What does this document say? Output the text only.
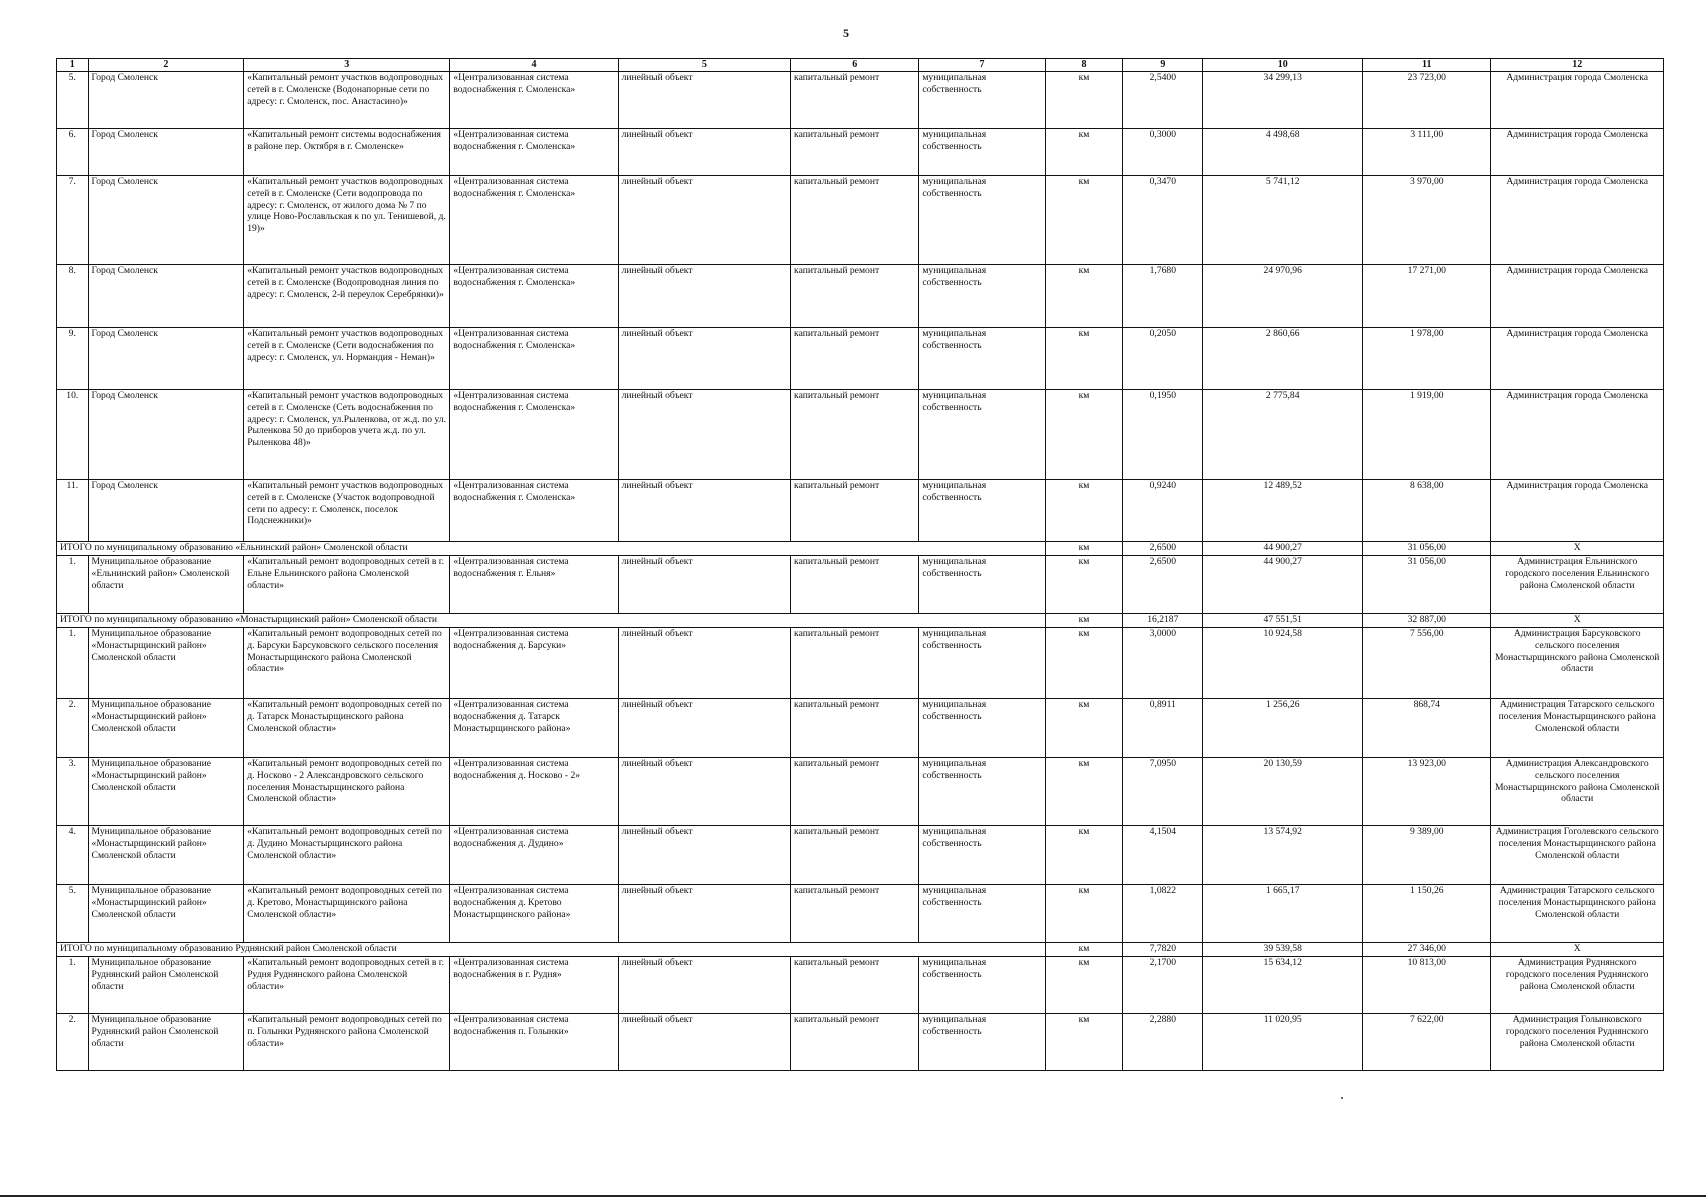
5
1	2	3	4	5	6	7	8	9	10	11	12
5.	Город Смоленск	«Капитальный ремонт участков водопроводных сетей в г. Смоленске (Водонапорные сети по адресу: г. Смоленск, пос. Анастасино)»	«Централизованная система водоснабжения г. Смоленска»	линейный объект	капитальный ремонт	муниципальная собственность	км	2,5400	34 299,13	23 723,00	Администрация города Смоленска
6.	Город Смоленск	«Капитальный ремонт системы водоснабжения в районе пер. Октября в г. Смоленске»	«Централизованная система водоснабжения г. Смоленска»	линейный объект	капитальный ремонт	муниципальная собственность	км	0,3000	4 498,68	3 111,00	Администрация города Смоленска
7.	Город Смоленск	«Капитальный ремонт участков водопроводных сетей в г. Смоленске (Сети водопровода по адресу: г. Смоленск, от жилого дома № 7 по улице Ново-Рославльская к по ул. Тенишевой, д. 19)»	«Централизованная система водоснабжения г. Смоленска»	линейный объект	капитальный ремонт	муниципальная собственность	км	0,3470	5 741,12	3 970,00	Администрация города Смоленска
8.	Город Смоленск	«Капитальный ремонт участков водопроводных сетей в г. Смоленске (Водопроводная линия по адресу: г. Смоленск, 2-й переулок Серебрянки)»	«Централизованная система водоснабжения г. Смоленска»	линейный объект	капитальный ремонт	муниципальная собственность	км	1,7680	24 970,96	17 271,00	Администрация города Смоленска
9.	Город Смоленск	«Капитальный ремонт участков водопроводных сетей в г. Смоленске (Сети водоснабжения по адресу: г. Смоленск, ул. Нормандия - Неман)»	«Централизованная система водоснабжения г. Смоленска»	линейный объект	капитальный ремонт	муниципальная собственность	км	0,2050	2 860,66	1 978,00	Администрация города Смоленска
10.	Город Смоленск	«Капитальный ремонт участков водопроводных сетей в г. Смоленске (Сеть водоснабжения по адресу: г. Смоленск, ул.Рыленкова, от ж.д. по ул. Рыленкова 50 до приборов учета ж.д. по ул. Рыленкова 48)»	«Централизованная система водоснабжения г. Смоленска»	линейный объект	капитальный ремонт	муниципальная собственность	км	0,1950	2 775,84	1 919,00	Администрация города Смоленска
11.	Город Смоленск	«Капитальный ремонт участков водопроводных сетей в г. Смоленске (Участок водопроводной сети по адресу: г. Смоленск, поселок Подснежники)»	«Централизованная система водоснабжения г. Смоленска»	линейный объект	капитальный ремонт	муниципальная собственность	км	0,9240	12 489,52	8 638,00	Администрация города Смоленска
ИТОГО по муниципальному образованию «Ельнинский район» Смоленской области							км	2,6500	44 900,27	31 056,00	Х
1.	Муниципальное образование «Ельнинский район» Смоленской области	«Капитальный ремонт водопроводных сетей в г. Ельне Ельнинского района Смоленской области»	«Централизованная система водоснабжения г. Ельня»	линейный объект	капитальный ремонт	муниципальная собственность	км	2,6500	44 900,27	31 056,00	Администрация Ельнинского городского поселения Ельнинского района Смоленской области
ИТОГО по муниципальному образованию «Монастырщинский район» Смоленской области							км	16,2187	47 551,51	32 887,00	Х
1.	Муниципальное образование «Монастырщинский район» Смоленской области	«Капитальный ремонт водопроводных сетей по д. Барсуки Барсуковского сельского поселения Монастырщинского района Смоленской области»	«Централизованная система водоснабжения д. Барсуки»	линейный объект	капитальный ремонт	муниципальная собственность	км	3,0000	10 924,58	7 556,00	Администрация Барсуковского сельского поселения Монастырщинского района Смоленской области
2.	Муниципальное образование «Монастырщинский район» Смоленской области	«Капитальный ремонт водопроводных сетей по д. Татарск Монастырщинского района Смоленской области»	«Централизованная система водоснабжения д. Татарск Монастырщинского района»	линейный объект	капитальный ремонт	муниципальная собственность	км	0,8911	1 256,26	868,74	Администрация Татарского сельского поселения Монастырщинского района Смоленской области
3.	Муниципальное образование «Монастырщинский район» Смоленской области	«Капитальный ремонт водопроводных сетей по д. Носково - 2 Александровского сельского поселения Монастырщинского района Смоленской области»	«Централизованная система водоснабжения д. Носково - 2»	линейный объект	капитальный ремонт	муниципальная собственность	км	7,0950	20 130,59	13 923,00	Администрация Александровского сельского поселения Монастырщинского района Смоленской области
4.	Муниципальное образование «Монастырщинский район» Смоленской области	«Капитальный ремонт водопроводных сетей по д. Дудино Монастырщинского района Смоленской области»	«Централизованная система водоснабжения д. Дудино»	линейный объект	капитальный ремонт	муниципальная собственность	км	4,1504	13 574,92	9 389,00	Администрация Гоголевского сельского поселения Монастырщинского района Смоленской области
5.	Муниципальное образование «Монастырщинский район» Смоленской области	«Капитальный ремонт водопроводных сетей по д. Кретово, Монастырщинского района Смоленской области»	«Централизованная система водоснабжения д. Кретово Монастырщинского района»	линейный объект	капитальный ремонт	муниципальная собственность	км	1,0822	1 665,17	1 150,26	Администрация Татарского сельского поселения Монастырщинского района Смоленской области
ИТОГО по муниципальному образованию Руднянский район Смоленской области							км	7,7820	39 539,58	27 346,00	Х
1.	Муниципальное образование Руднянский район Смоленской области	«Капитальный ремонт водопроводных сетей в г. Рудня Руднянского района Смоленской области»	«Централизованная система водоснабжения в г. Рудня»	линейный объект	капитальный ремонт	муниципальная собственность	км	2,1700	15 634,12	10 813,00	Администрация Руднянского городского поселения Руднянского района Смоленской области
2.	Муниципальное образование Руднянский район Смоленской области	«Капитальный ремонт водопроводных сетей по п. Голынки Руднянского района Смоленской области»	«Централизованная система водоснабжения п. Голынки»	линейный объект	капитальный ремонт	муниципальная собственность	км	2,2880	11 020,95	7 622,00	Администрация Голынковского городского поселения Руднянского района Смоленской области
